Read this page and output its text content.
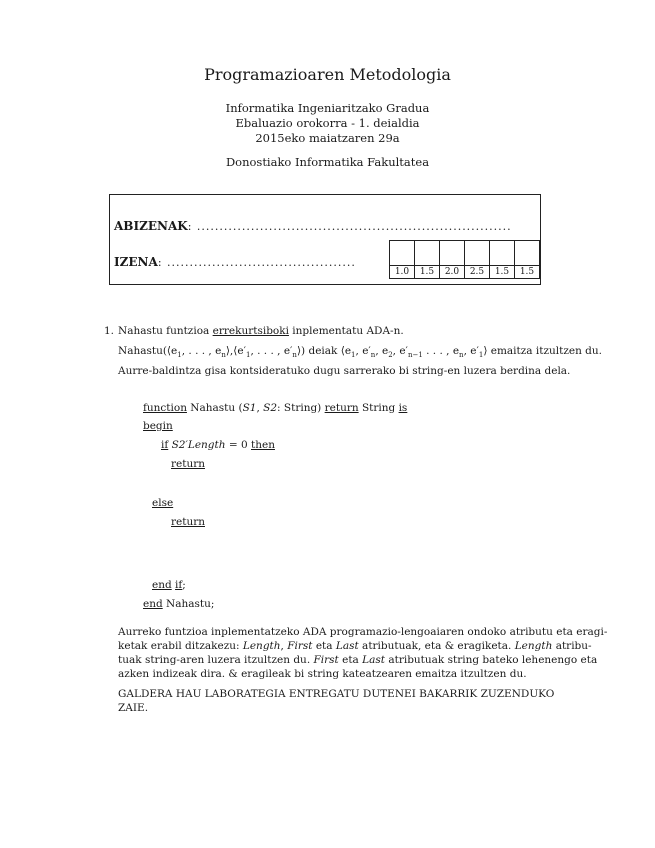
Programazioaren Metodologia
Informatika Ingeniaritzako Gradua
Ebaluazio orokorra - 1. deialdia
2015eko maiatzaren 29a
Donostiako Informatika Fakultatea
ABIZENAK: ......................................................................
IZENA: ..........................................

1.0	1.5	2.0	2.5	1.5	1.5
1. Nahastu funtzioa errekurtsiboki inplementatu ADA-n.
$Nahastu(⟨e_1$, . . . , $e_n⟩,⟨e'_1$, . . . , $e'_n⟩$) deiak $⟨e_1$, $e'_n$, $e_2$, $e'_{n-1}$ . . . , $e_n$, $e'_1⟩$ emaitza itzultzen du.
Aurre-baldintza gisa kontsideratuko dugu sarrerako bi string-en luzera berdina dela.
function Nahastu (S1, S2: String) return String is
begin
if S2′Length = 0 then
return
else
return
end if;
end Nahastu;
Aurreko funtzioa inplementatzeko ADA programazio-lengoaiaren ondoko atributu eta eragi-
ketak erabil ditzakezu: Length, First eta Last atributuak, eta & eragiketa. Length atribu-
tuak string-aren luzera itzultzen du. First eta Last atributuak string bateko lehenengo eta
azken indizeak dira. & eragileak bi string kateatzearen emaitza itzultzen du.
GALDERA HAU LABORATEGIA ENTREGATU DUTENEI BAKARRIK ZUZENDUKO
ZAIE.
